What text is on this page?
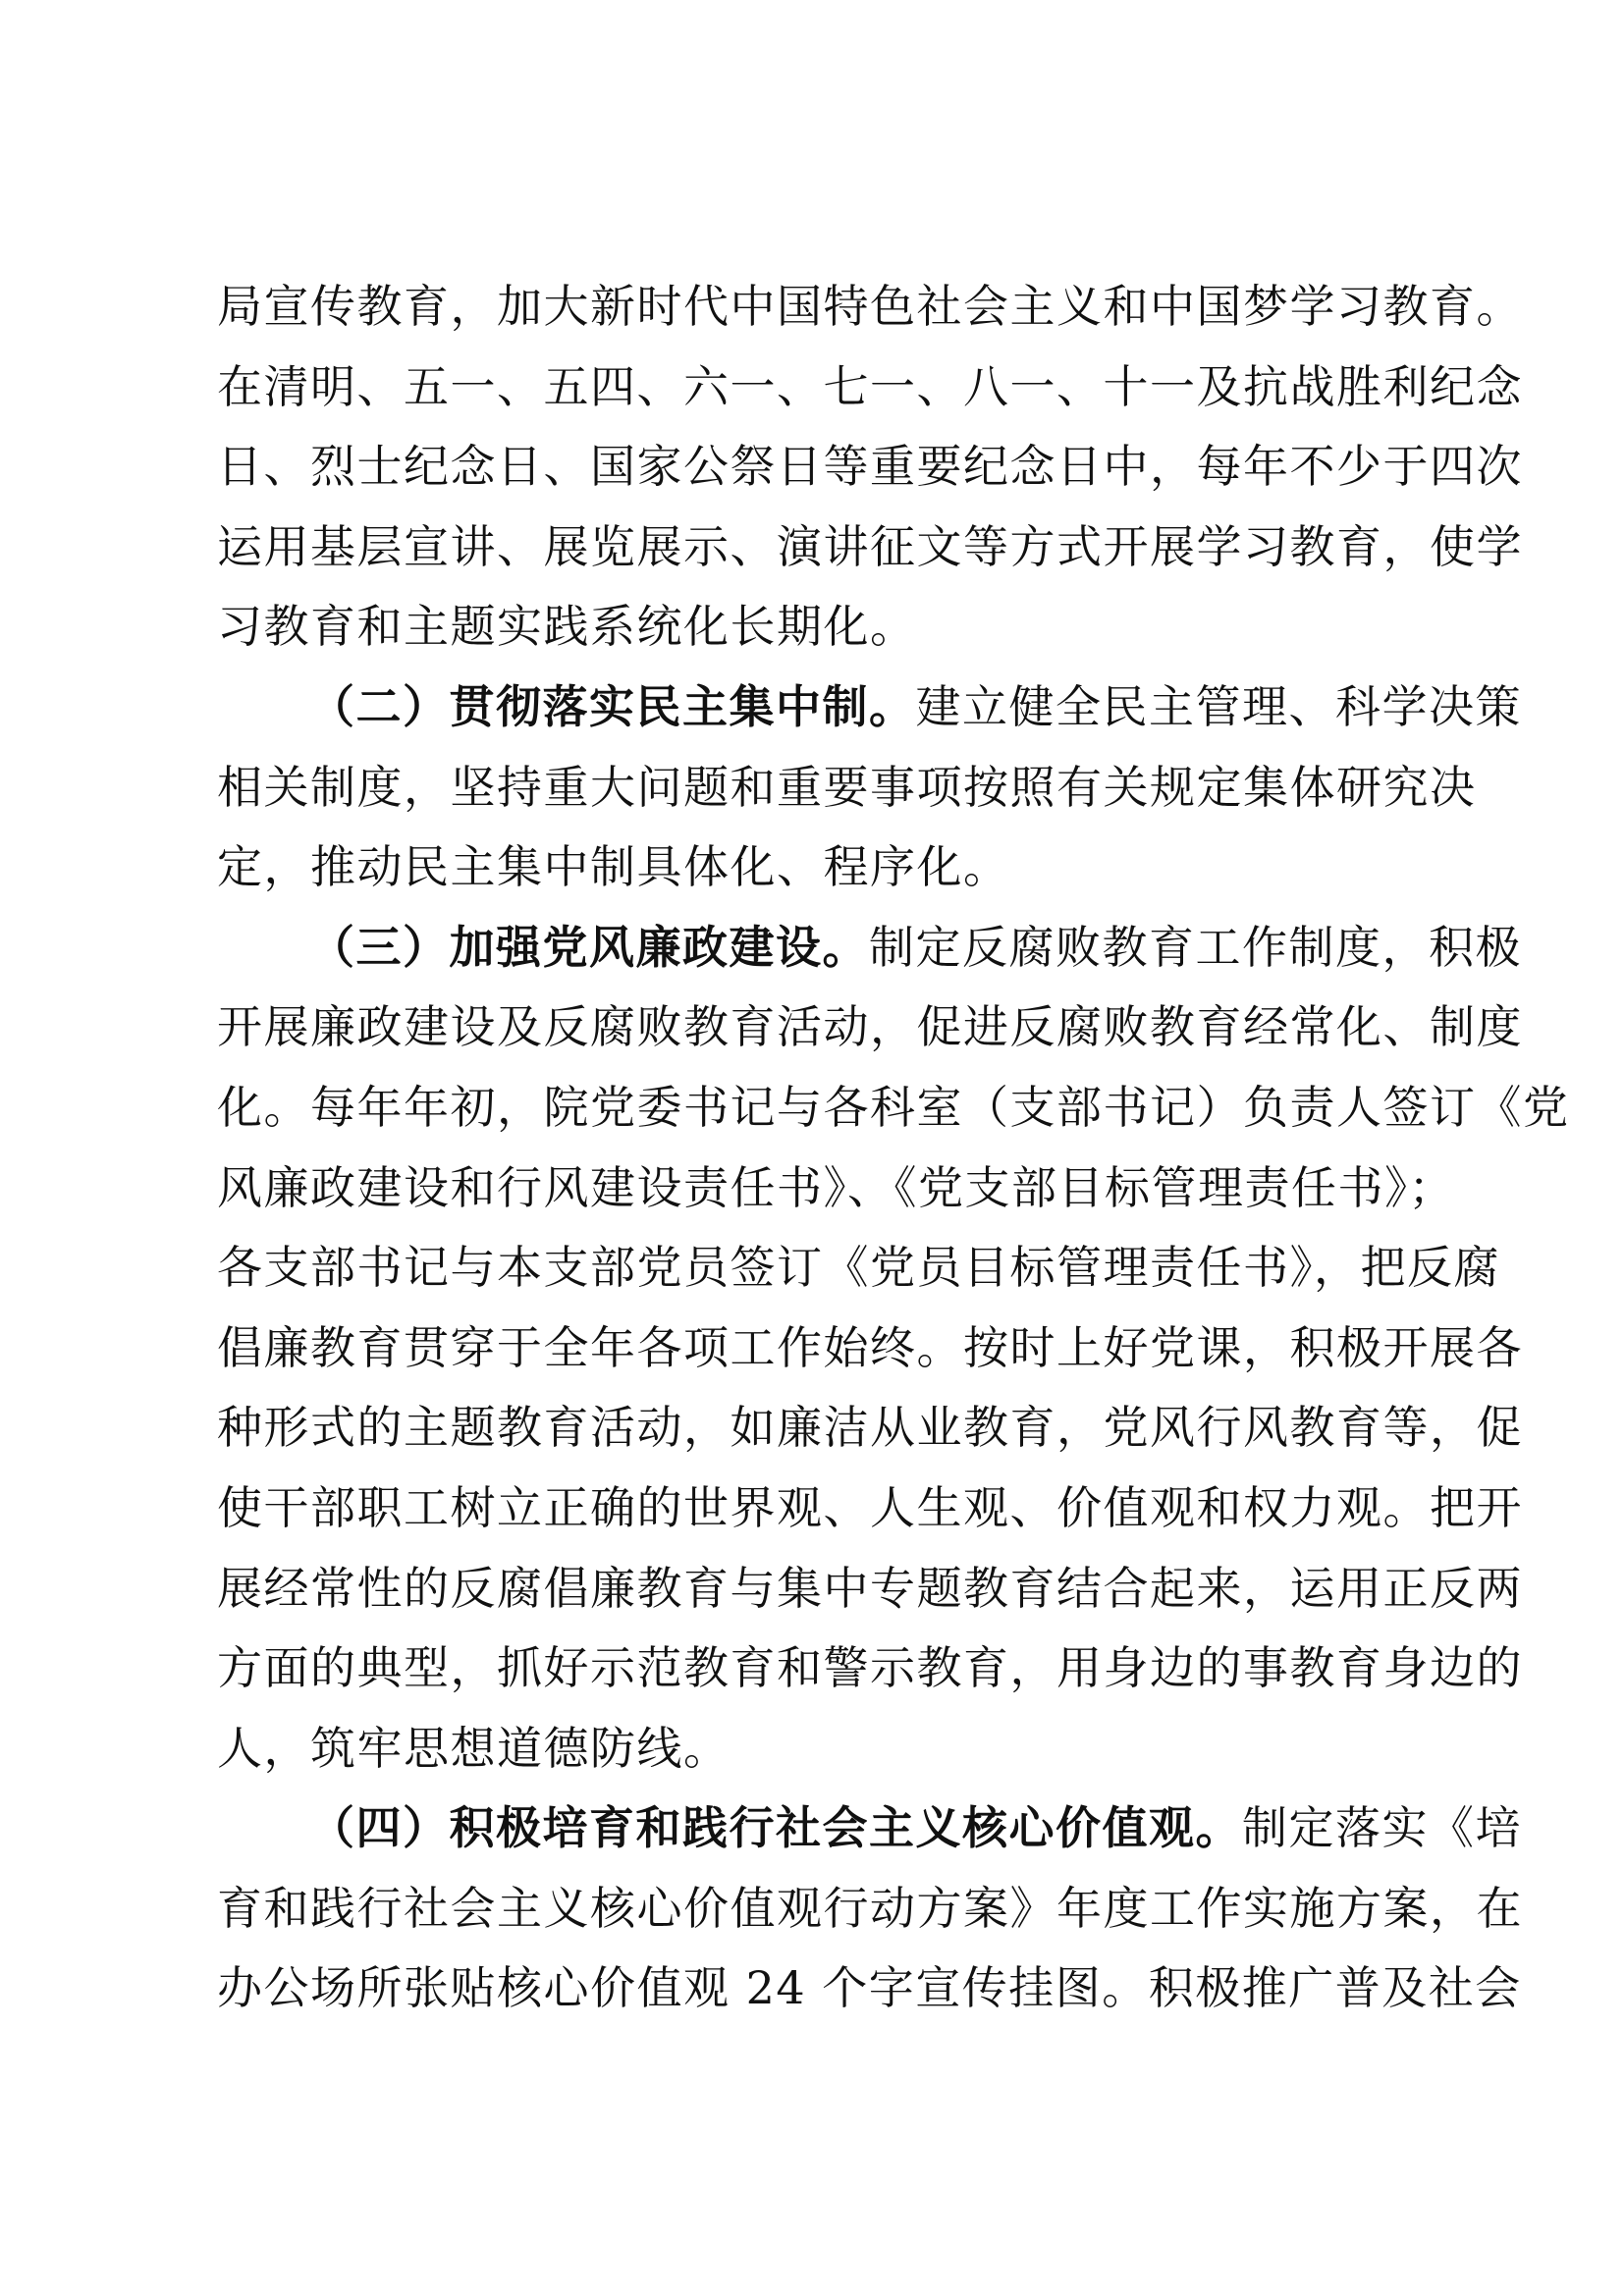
局宣传教育，加大新时代中国特色社会主义和中国梦学习教育。
在清明、五一、五四、六一、七一、八一、十一及抗战胜利纪念
日、烈士纪念日、国家公祭日等重要纪念日中，每年不少于四次
运用基层宣讲、展览展示、演讲征文等方式开展学习教育，使学
习教育和主题实践系统化长期化。
（二）贯彻落实民主集中制。建立健全民主管理、科学决策
相关制度，坚持重大问题和重要事项按照有关规定集体研究决
定，推动民主集中制具体化、程序化。
（三）加强党风廉政建设。制定反腐败教育工作制度，积极
开展廉政建设及反腐败教育活动，促进反腐败教育经常化、制度
化。每年年初，院党委书记与各科室（支部书记）负责人签订《党
风廉政建设和行风建设责任书》、《党支部目标管理责任书》；
各支部书记与本支部党员签订《党员目标管理责任书》，把反腐
倡廉教育贯穿于全年各项工作始终。按时上好党课，积极开展各
种形式的主题教育活动，如廉洁从业教育，党风行风教育等，促
使干部职工树立正确的世界观、人生观、价值观和权力观。把开
展经常性的反腐倡廉教育与集中专题教育结合起来，运用正反两
方面的典型，抓好示范教育和警示教育，用身边的事教育身边的
人，筑牢思想道德防线。
（四）积极培育和践行社会主义核心价值观。制定落实《培
育和践行社会主义核心价值观行动方案》年度工作实施方案，在
办公场所张贴核心价值观 24 个字宣传挂图。积极推广普及社会
